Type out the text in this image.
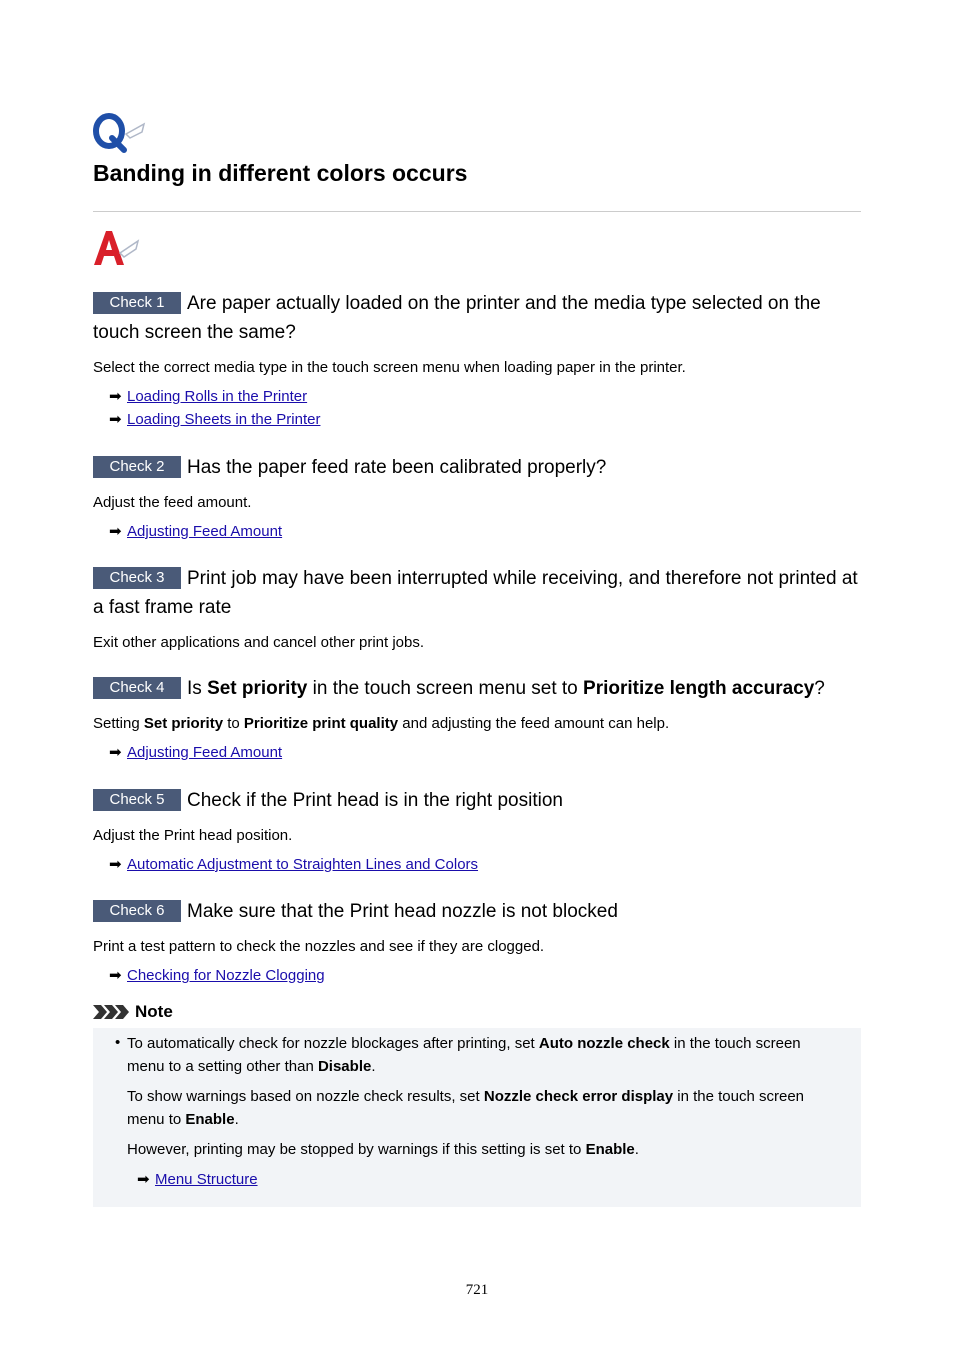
Banding in different colors occurs

Check 1 Are paper actually loaded on the printer and the media type selected on the touch screen the same?

Select the correct media type in the touch screen menu when loading paper in the printer.

➡ Loading Rolls in the Printer
➡ Loading Sheets in the Printer

Check 2 Has the paper feed rate been calibrated properly?

Adjust the feed amount.

➡ Adjusting Feed Amount

Check 3 Print job may have been interrupted while receiving, and therefore not printed at a fast frame rate

Exit other applications and cancel other print jobs.

Check 4 Is Set priority in the touch screen menu set to Prioritize length accuracy?

Setting Set priority to Prioritize print quality and adjusting the feed amount can help.

➡ Adjusting Feed Amount

Check 5 Check if the Print head is in the right position

Adjust the Print head position.

➡ Automatic Adjustment to Straighten Lines and Colors

Check 6 Make sure that the Print head nozzle is not blocked

Print a test pattern to check the nozzles and see if they are clogged.

➡ Checking for Nozzle Clogging
Note
• To automatically check for nozzle blockages after printing, set Auto nozzle check in the touch screen menu to a setting other than Disable.

To show warnings based on nozzle check results, set Nozzle check error display in the touch screen menu to Enable.

However, printing may be stopped by warnings if this setting is set to Enable.

➡ Menu Structure

721
